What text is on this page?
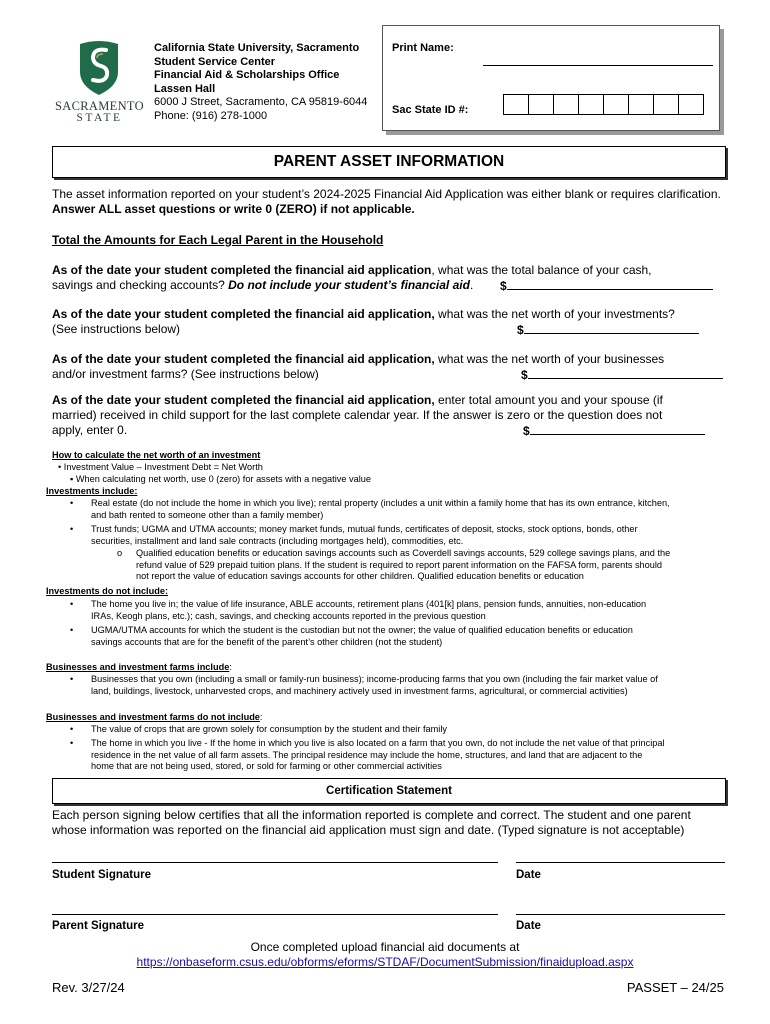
SACRAMENTO
STATE
California State University, Sacramento
Student Service Center
Financial Aid & Scholarships Office
Lassen Hall
6000 J Street, Sacramento, CA 95819-6044
Phone: (916) 278-1000
Print Name:
Sac State ID #:
PARENT ASSET INFORMATION
The asset information reported on your student’s 2024-2025 Financial Aid Application was either blank or requires clarification. Answer ALL asset questions or write 0 (ZERO) if not applicable.
Total the Amounts for Each Legal Parent in the Household
As of the date your student completed the financial aid application, what was the total balance of your cash,
savings and checking accounts? Do not include your student’s financial aid.	$
As of the date your student completed the financial aid application, what was the net worth of your investments?
(See instructions below)	$
As of the date your student completed the financial aid application, what was the net worth of your businesses
and/or investment farms? (See instructions below)	$
As of the date your student completed the financial aid application, enter total amount you and your spouse (if
married) received in child support for the last complete calendar year. If the answer is zero or the question does not
apply, enter 0.	$
How to calculate the net worth of an investment
• Investment Value – Investment Debt = Net Worth
▪ When calculating net worth, use 0 (zero) for assets with a negative value
Investments include:
• Real estate (do not include the home in which you live); rental property (includes a unit within a family home that has its own entrance, kitchen,
and bath rented to someone other than a family member)
• Trust funds; UGMA and UTMA accounts; money market funds, mutual funds, certificates of deposit, stocks, stock options, bonds, other
securities, installment and land sale contracts (including mortgages held), commodities, etc.
o Qualified education benefits or education savings accounts such as Coverdell savings accounts, 529 college savings plans, and the
refund value of 529 prepaid tuition plans. If the student is required to report parent information on the FAFSA form, parents should
not report the value of education savings accounts for other children. Qualified education benefits or education
Investments do not include:
• The home you live in; the value of life insurance, ABLE accounts, retirement plans (401[k] plans, pension funds, annuities, non-education
IRAs, Keogh plans, etc.); cash, savings, and checking accounts reported in the previous question
• UGMA/UTMA accounts for which the student is the custodian but not the owner; the value of qualified education benefits or education
savings accounts that are for the benefit of the parent’s other children (not the student)
Businesses and investment farms include:
• Businesses that you own (including a small or family-run business); income-producing farms that you own (including the fair market value of
land, buildings, livestock, unharvested crops, and machinery actively used in investment farms, agricultural, or commercial activities)
Businesses and investment farms do not include:
• The value of crops that are grown solely for consumption by the student and their family
• The home in which you live - If the home in which you live is also located on a farm that you own, do not include the net value of that principal
residence in the net value of all farm assets. The principal residence may include the home, structures, and land that are adjacent to the
home that are not being used, stored, or sold for farming or other commercial activities
Certification Statement
Each person signing below certifies that all the information reported is complete and correct. The student and one parent
whose information was reported on the financial aid application must sign and date. (Typed signature is not acceptable)
Student Signature	Date
Parent Signature	Date
Once completed upload financial aid documents at
https://onbaseform.csus.edu/obforms/eforms/STDAF/DocumentSubmission/finaidupload.aspx
Rev. 3/27/24	PASSET – 24/25
